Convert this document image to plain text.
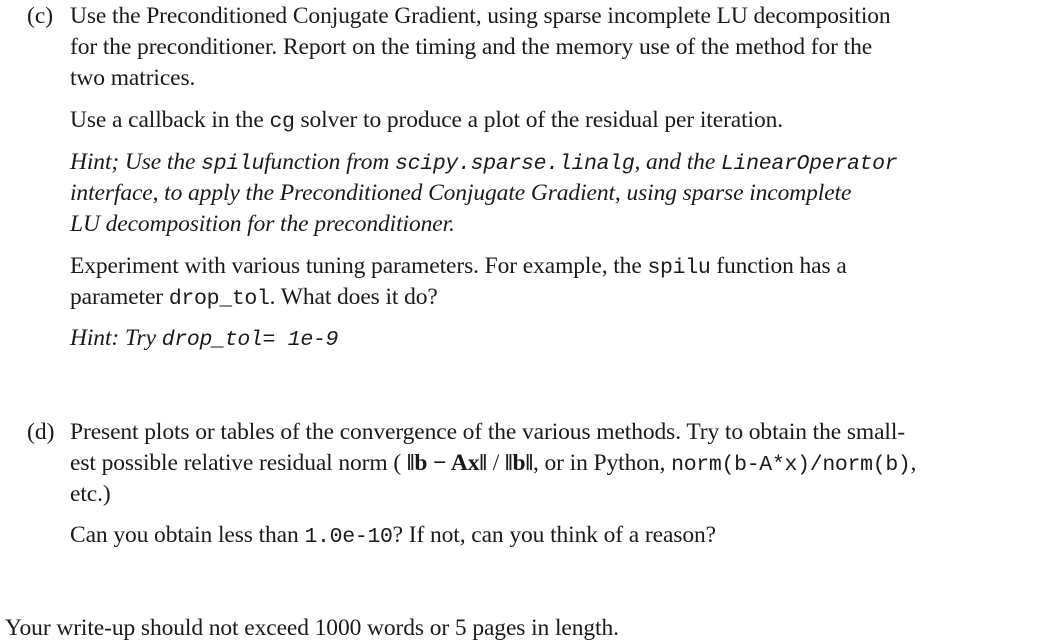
(c) Use the Preconditioned Conjugate Gradient, using sparse incomplete LU decomposition
for the preconditioner. Report on the timing and the memory use of the method for the
two matrices.
Use a callback in the cg solver to produce a plot of the residual per iteration.
Hint; Use the spilufunction from scipy.sparse.linalg, and the LinearOperator
interface, to apply the Preconditioned Conjugate Gradient, using sparse incomplete
LU decomposition for the preconditioner.
Experiment with various tuning parameters. For example, the spilu function has a
parameter drop_tol. What does it do?
Hint: Try drop_tol= 1e-9
(d) Present plots or tables of the convergence of the various methods. Try to obtain the small-
est possible relative residual norm ( ‖b − Ax‖ / ‖b‖, or in Python, norm(b-A*x)/norm(b),
etc.)
Can you obtain less than 1.0e-10? If not, can you think of a reason?
Your write-up should not exceed 1000 words or 5 pages in length.
